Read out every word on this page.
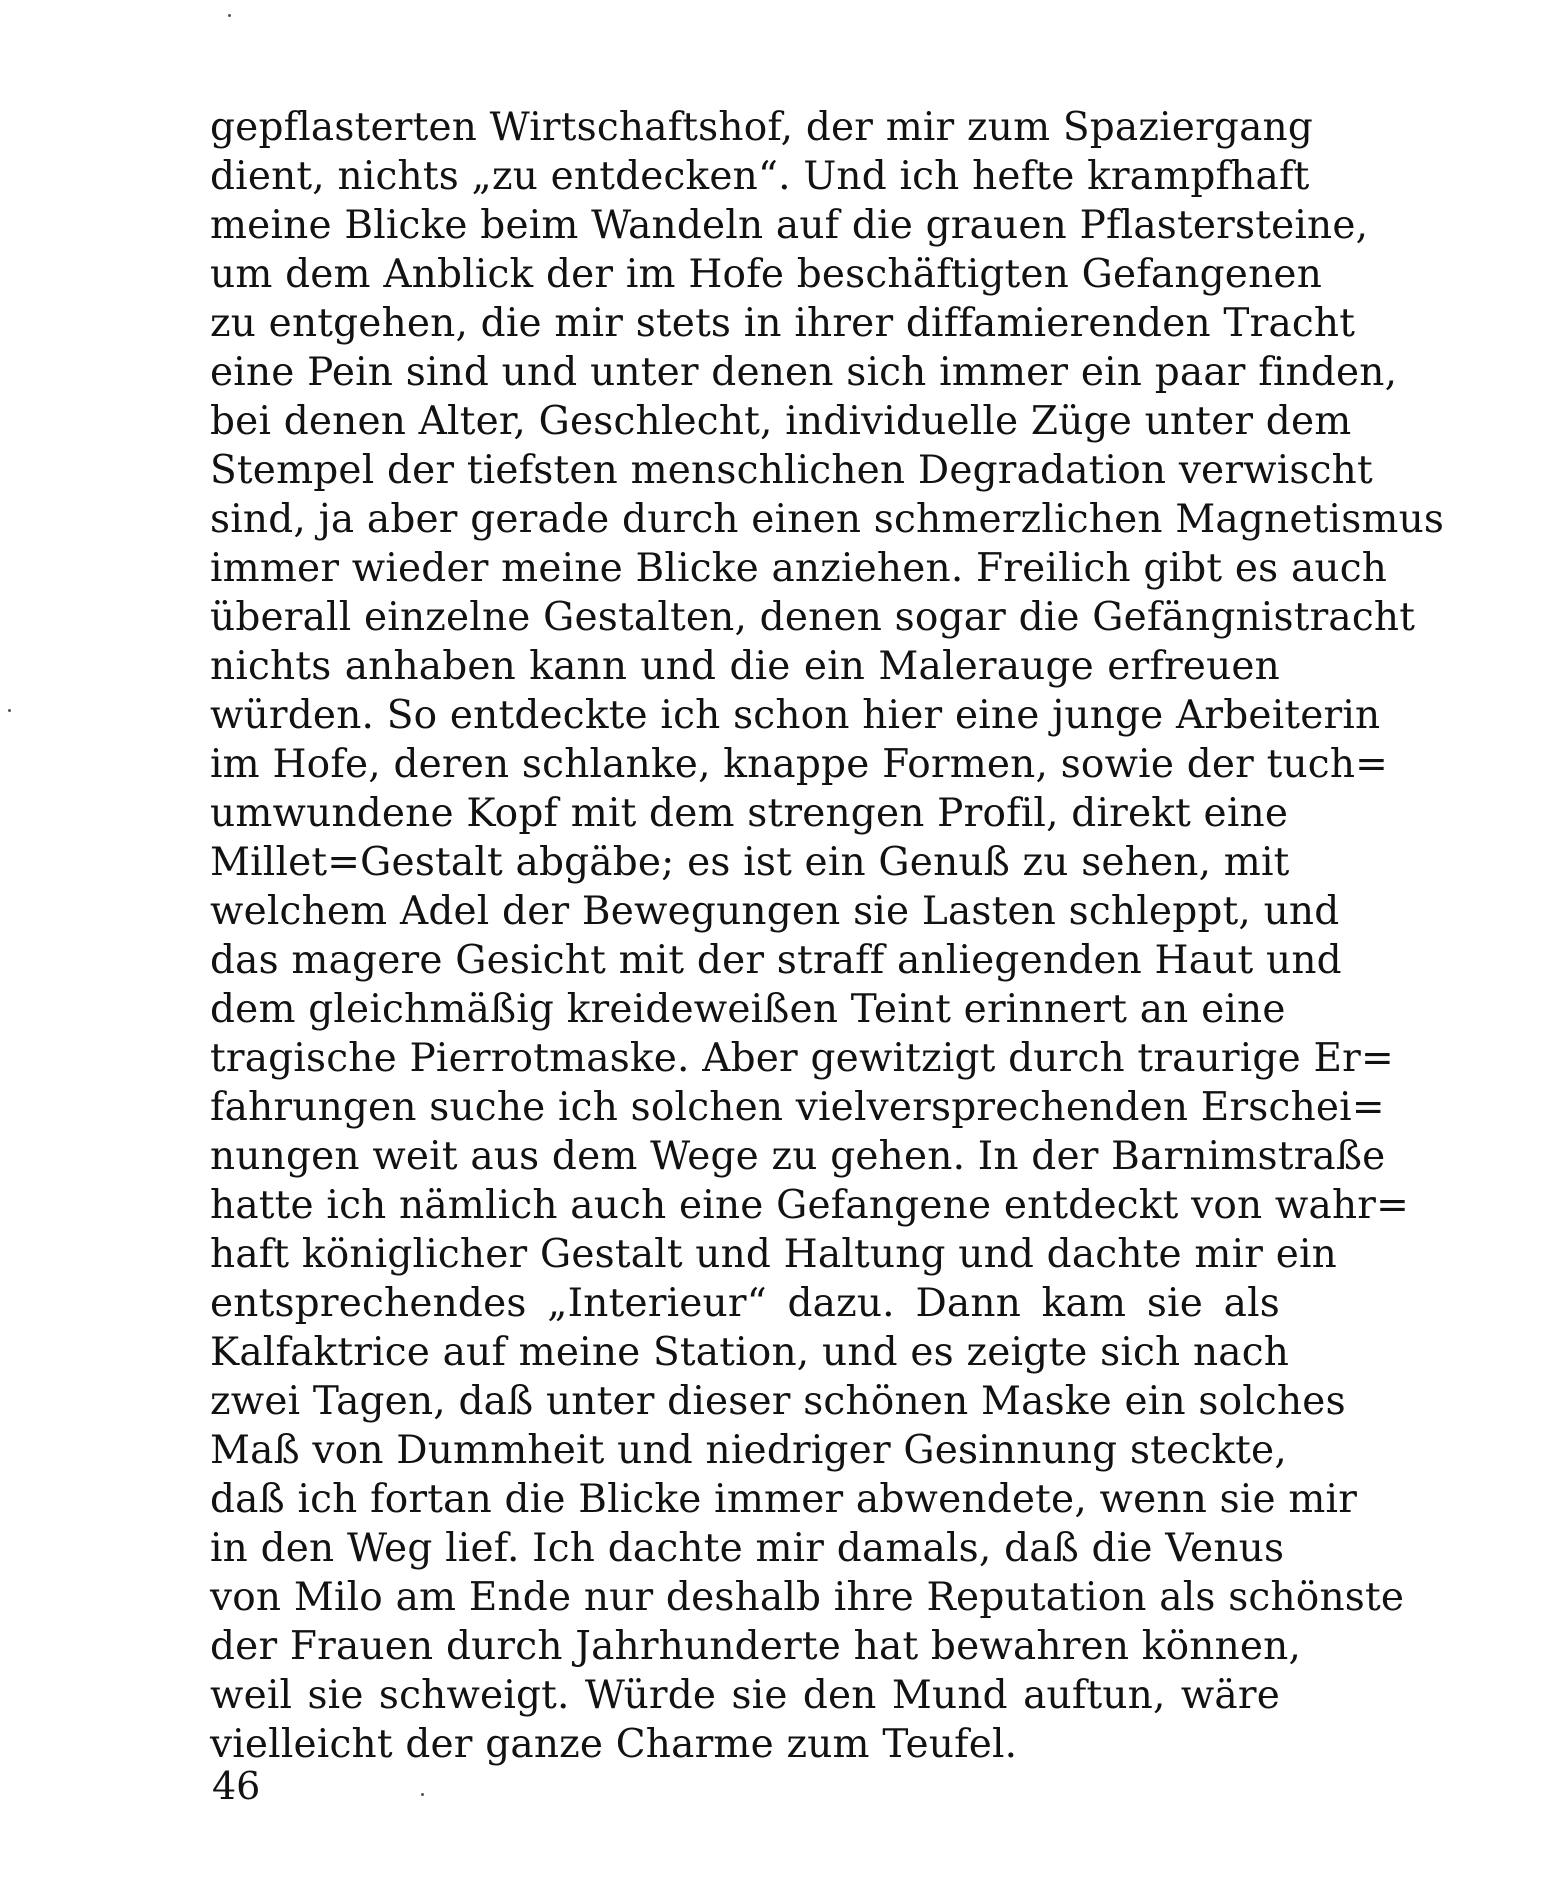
gepflasterten Wirtschaftshof, der mir zum Spaziergang
dient, nichts „zu entdecken“. Und ich hefte krampfhaft
meine Blicke beim Wandeln auf die grauen Pflastersteine,
um dem Anblick der im Hofe beschäftigten Gefangenen
zu entgehen, die mir stets in ihrer diffamierenden Tracht
eine Pein sind und unter denen sich immer ein paar finden,
bei denen Alter, Geschlecht, individuelle Züge unter dem
Stempel der tiefsten menschlichen Degradation verwischt
sind, ja aber gerade durch einen schmerzlichen Magnetismus
immer wieder meine Blicke anziehen. Freilich gibt es auch
überall einzelne Gestalten, denen sogar die Gefängnistracht
nichts anhaben kann und die ein Malerauge erfreuen
würden. So entdeckte ich schon hier eine junge Arbeiterin
im Hofe, deren schlanke, knappe Formen, sowie der tuch=
umwundene Kopf mit dem strengen Profil, direkt eine
Millet=Gestalt abgäbe; es ist ein Genuß zu sehen, mit
welchem Adel der Bewegungen sie Lasten schleppt, und
das magere Gesicht mit der straff anliegenden Haut und
dem gleichmäßig kreideweißen Teint erinnert an eine
tragische Pierrotmaske. Aber gewitzigt durch traurige Er=
fahrungen suche ich solchen vielversprechenden Erschei=
nungen weit aus dem Wege zu gehen. In der Barnimstraße
hatte ich nämlich auch eine Gefangene entdeckt von wahr=
haft königlicher Gestalt und Haltung und dachte mir ein
entsprechendes „Interieur“ dazu. Dann kam sie als
Kalfaktrice auf meine Station, und es zeigte sich nach
zwei Tagen, daß unter dieser schönen Maske ein solches
Maß von Dummheit und niedriger Gesinnung steckte,
daß ich fortan die Blicke immer abwendete, wenn sie mir
in den Weg lief. Ich dachte mir damals, daß die Venus
von Milo am Ende nur deshalb ihre Reputation als schönste
der Frauen durch Jahrhunderte hat bewahren können,
weil sie schweigt. Würde sie den Mund auftun, wäre
vielleicht der ganze Charme zum Teufel.
46
